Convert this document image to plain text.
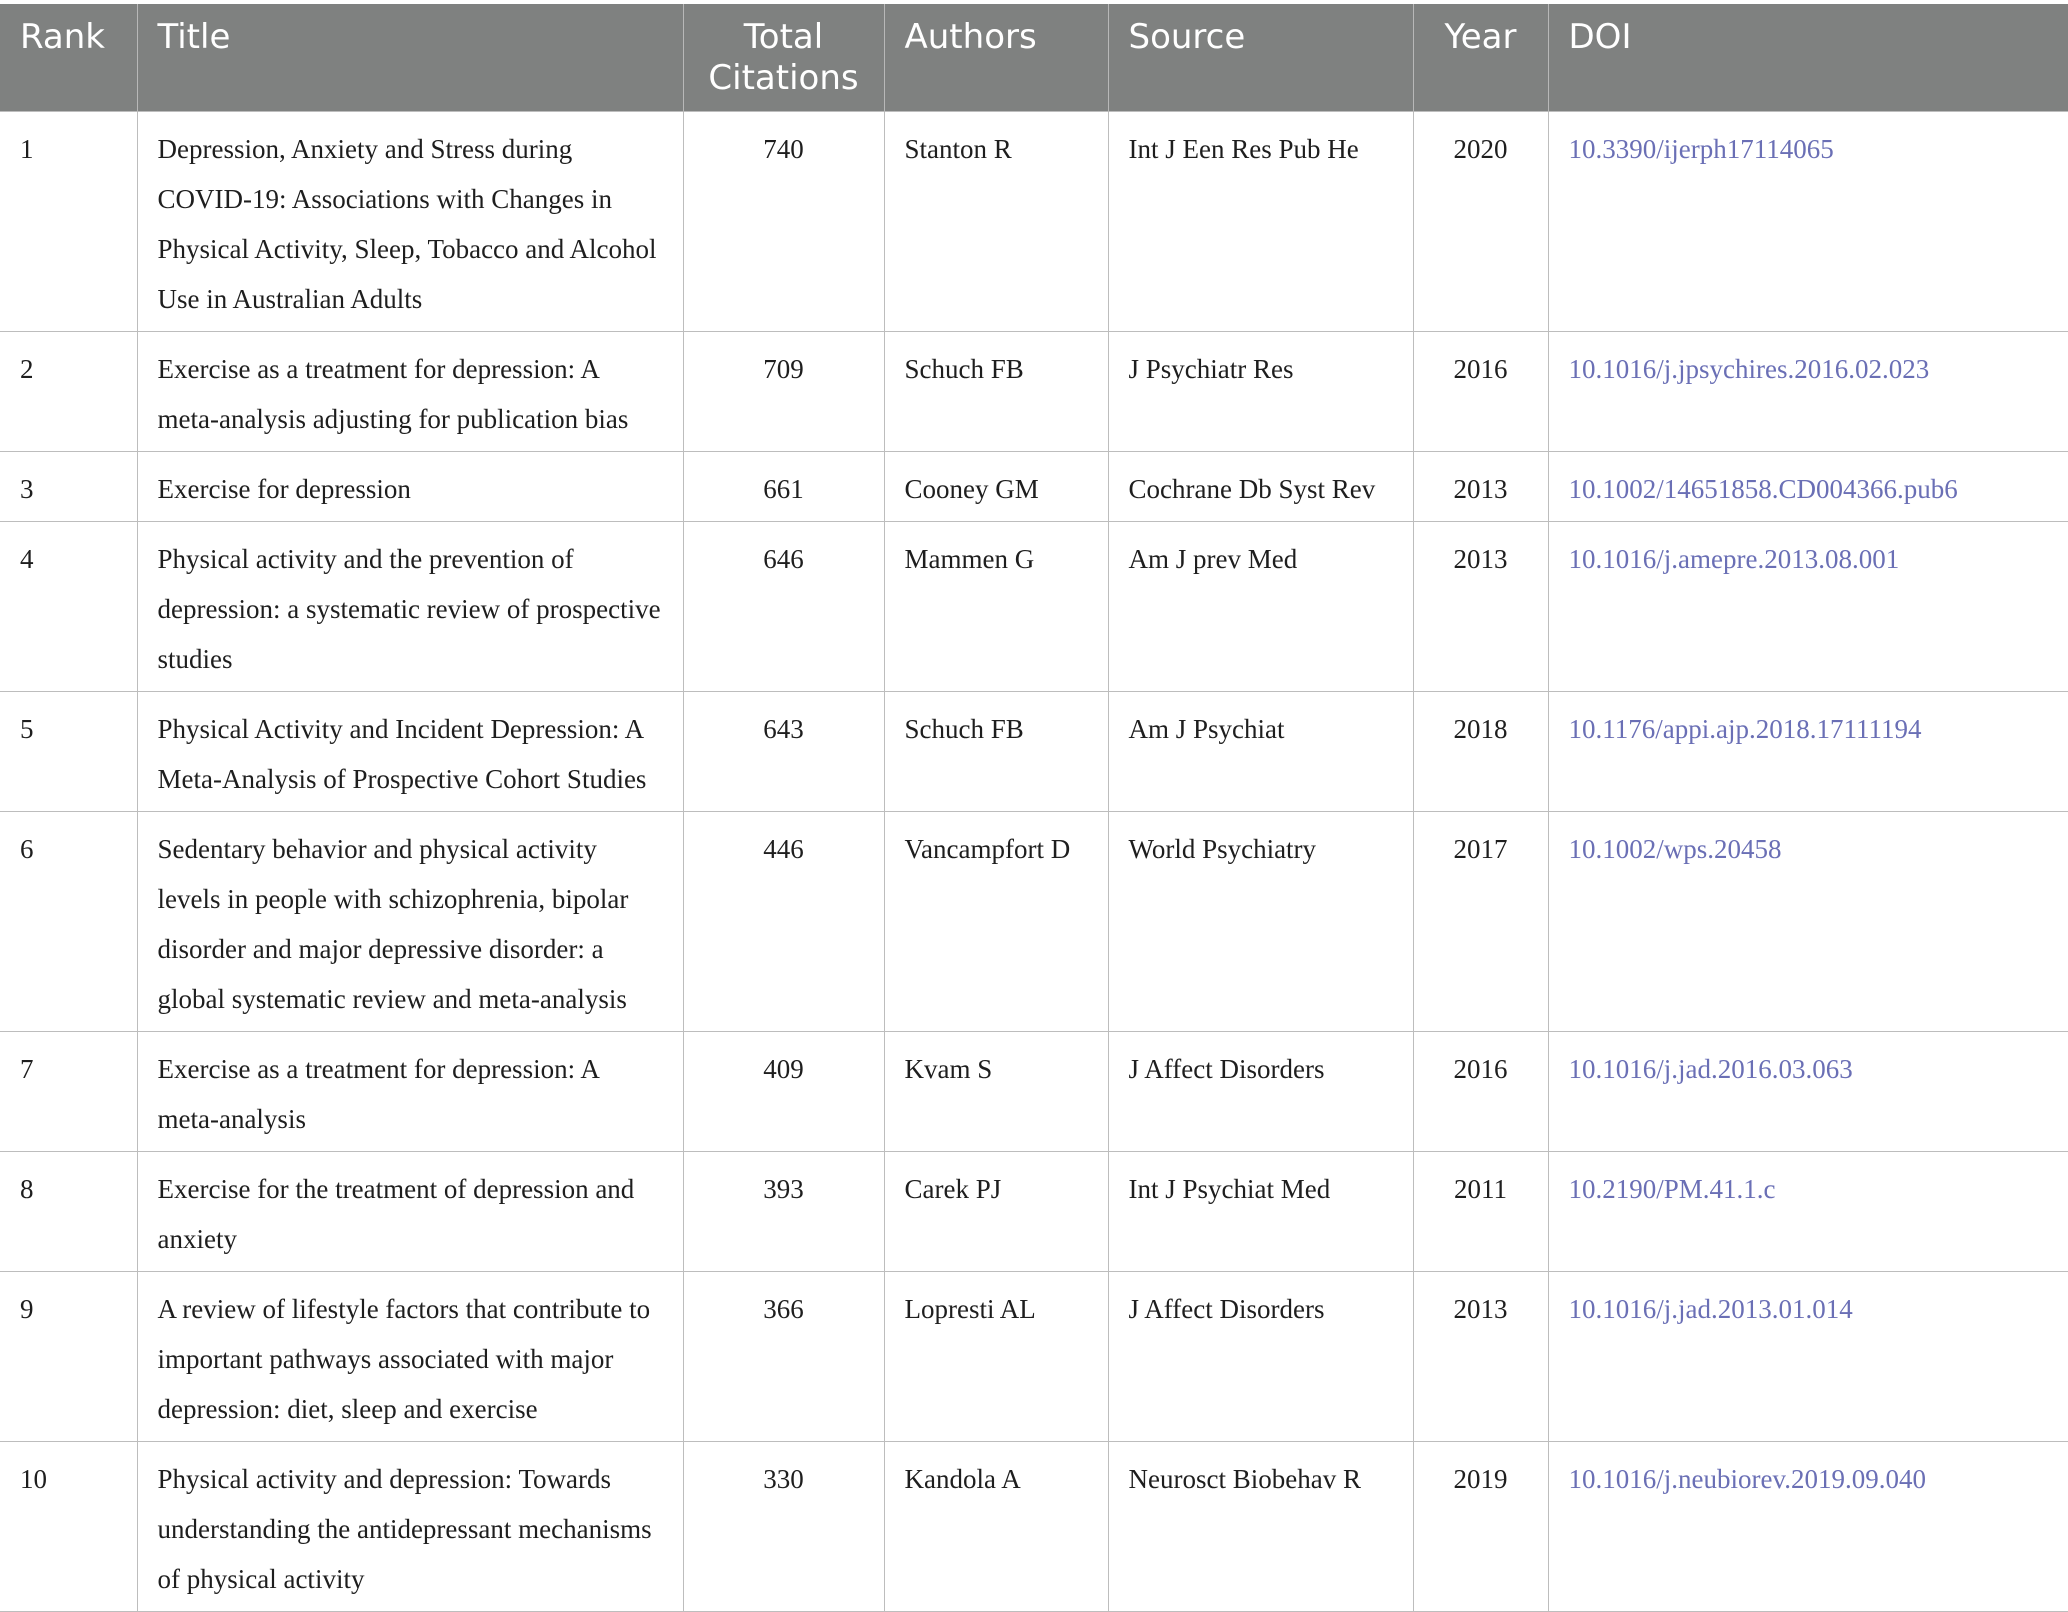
Rank	Title	Total Citations	Authors	Source	Year	DOI
1	Depression, Anxiety and Stress during COVID-19: Associations with Changes in Physical Activity, Sleep, Tobacco and Alcohol Use in Australian Adults	740	Stanton R	Int J Een Res Pub He	2020	10.3390/ijerph17114065
2	Exercise as a treatment for depression: A meta-analysis adjusting for publication bias	709	Schuch FB	J Psychiatr Res	2016	10.1016/j.jpsychires.2016.02.023
3	Exercise for depression	661	Cooney GM	Cochrane Db Syst Rev	2013	10.1002/14651858.CD004366.pub6
4	Physical activity and the prevention of depression: a systematic review of prospective studies	646	Mammen G	Am J prev Med	2013	10.1016/j.amepre.2013.08.001
5	Physical Activity and Incident Depression: A Meta-Analysis of Prospective Cohort Studies	643	Schuch FB	Am J Psychiat	2018	10.1176/appi.ajp.2018.17111194
6	Sedentary behavior and physical activity levels in people with schizophrenia, bipolar disorder and major depressive disorder: a global systematic review and meta-analysis	446	Vancampfort D	World Psychiatry	2017	10.1002/wps.20458
7	Exercise as a treatment for depression: A meta-analysis	409	Kvam S	J Affect Disorders	2016	10.1016/j.jad.2016.03.063
8	Exercise for the treatment of depression and anxiety	393	Carek PJ	Int J Psychiat Med	2011	10.2190/PM.41.1.c
9	A review of lifestyle factors that contribute to important pathways associated with major depression: diet, sleep and exercise	366	Lopresti AL	J Affect Disorders	2013	10.1016/j.jad.2013.01.014
10	Physical activity and depression: Towards understanding the antidepressant mechanisms of physical activity	330	Kandola A	Neurosct Biobehav R	2019	10.1016/j.neubiorev.2019.09.040
